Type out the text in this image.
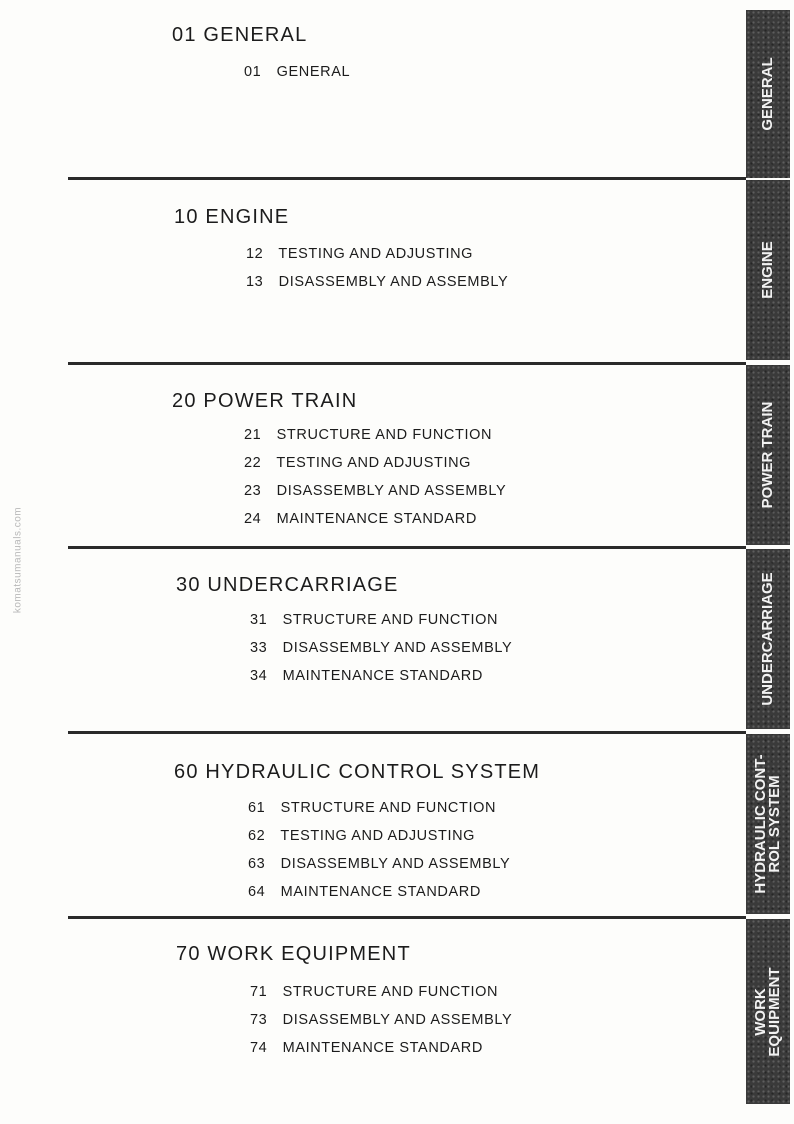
komatsumanuals.com
01 GENERAL
01 GENERAL	GENERAL
10 ENGINE
12 TESTING AND ADJUSTING
13 DISASSEMBLY AND ASSEMBLY	ENGINE
20 POWER TRAIN
21 STRUCTURE AND FUNCTION
22 TESTING AND ADJUSTING
23 DISASSEMBLY AND ASSEMBLY
24 MAINTENANCE STANDARD
POWER TRAIN
30 UNDERCARRIAGE
31 STRUCTURE AND FUNCTION
33 DISASSEMBLY AND ASSEMBLY
34 MAINTENANCE STANDARD	UNDERCARRIAGE
60 HYDRAULIC CONTROL SYSTEM
61 STRUCTURE AND FUNCTION
62 TESTING AND ADJUSTING
63 DISASSEMBLY AND ASSEMBLY
64 MAINTENANCE STANDARD	HYDRAULIC CONT-
ROL SYSTEM
70 WORK EQUIPMENT
71 STRUCTURE AND FUNCTION
73 DISASSEMBLY AND ASSEMBLY
74 MAINTENANCE STANDARD
WORK
EQUIPMENT
